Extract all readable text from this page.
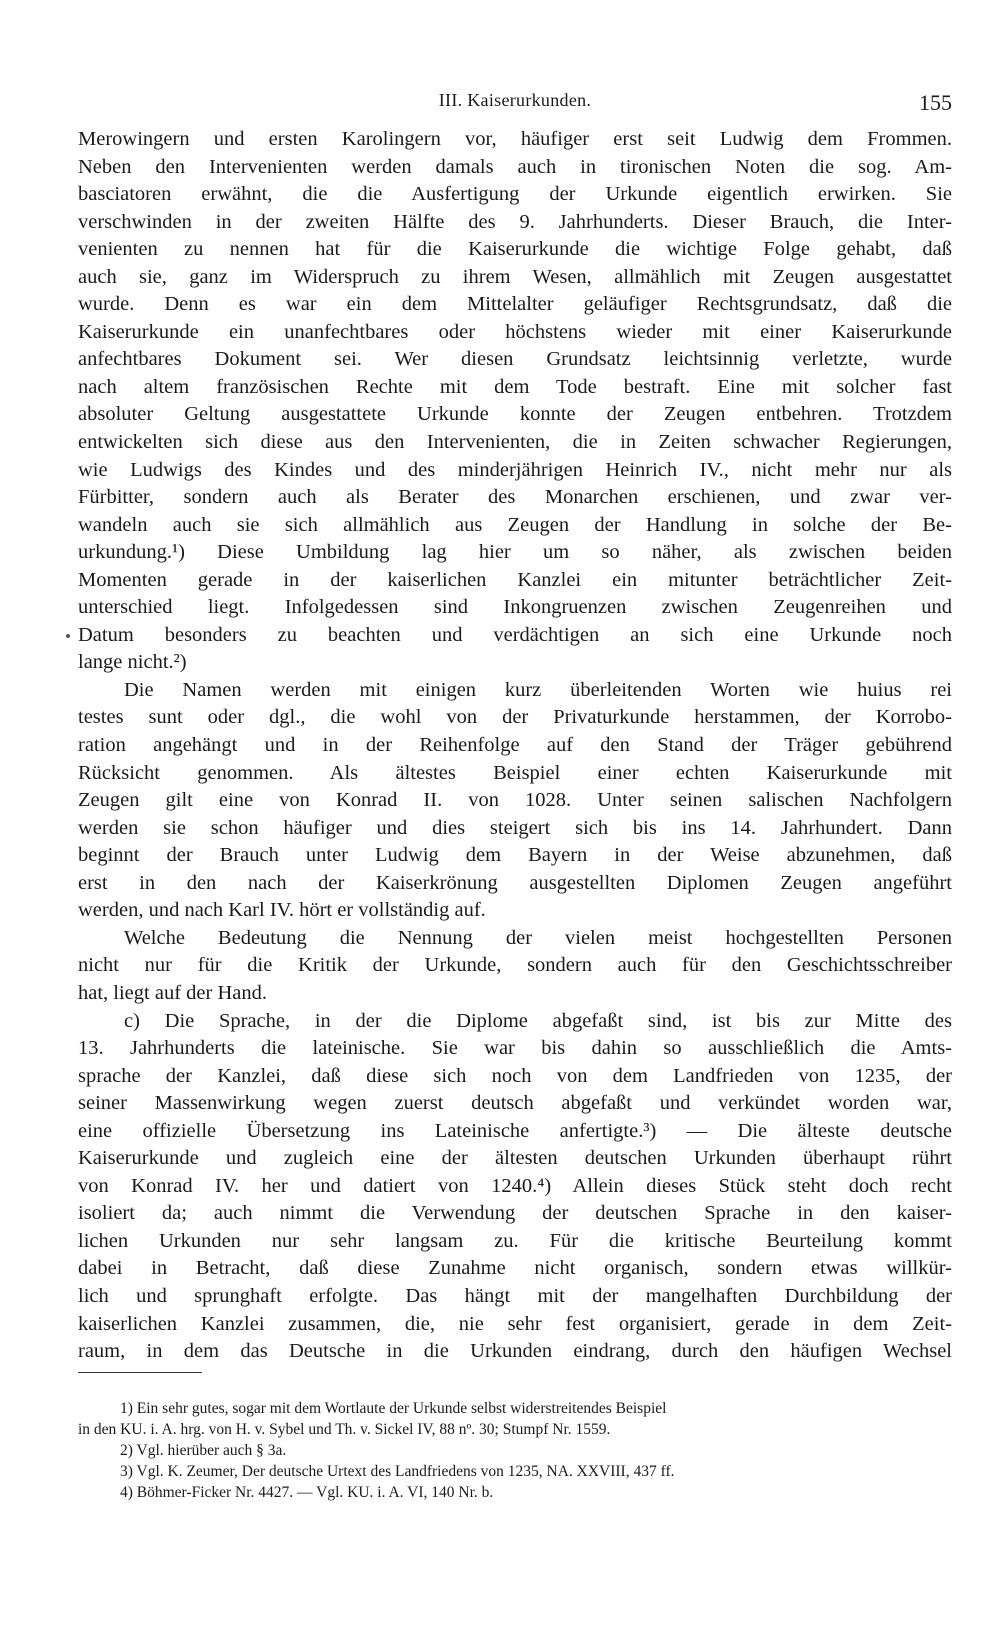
III. Kaiserurkunden.	155
Merowingern und ersten Karolingern vor, häufiger erst seit Ludwig dem Frommen.
Neben den Intervenienten werden damals auch in tironischen Noten die sog. Am-
basciatoren erwähnt, die die Ausfertigung der Urkunde eigentlich erwirken. Sie
verschwinden in der zweiten Hälfte des 9. Jahrhunderts. Dieser Brauch, die Inter-
venienten zu nennen hat für die Kaiserurkunde die wichtige Folge gehabt, daß
auch sie, ganz im Widerspruch zu ihrem Wesen, allmählich mit Zeugen ausgestattet
wurde. Denn es war ein dem Mittelalter geläufiger Rechtsgrundsatz, daß die
Kaiserurkunde ein unanfechtbares oder höchstens wieder mit einer Kaiserurkunde
anfechtbares Dokument sei. Wer diesen Grundsatz leichtsinnig verletzte, wurde
nach altem französischen Rechte mit dem Tode bestraft. Eine mit solcher fast
absoluter Geltung ausgestattete Urkunde konnte der Zeugen entbehren. Trotzdem
entwickelten sich diese aus den Intervenienten, die in Zeiten schwacher Regierungen,
wie Ludwigs des Kindes und des minderjährigen Heinrich IV., nicht mehr nur als
Fürbitter, sondern auch als Berater des Monarchen erschienen, und zwar ver-
wandeln auch sie sich allmählich aus Zeugen der Handlung in solche der Be-
urkundung.¹) Diese Umbildung lag hier um so näher, als zwischen beiden
Momenten gerade in der kaiserlichen Kanzlei ein mitunter beträchtlicher Zeit-
unterschied liegt. Infolgedessen sind Inkongruenzen zwischen Zeugenreihen und
Datum besonders zu beachten und verdächtigen an sich eine Urkunde noch
lange nicht.²)
Die Namen werden mit einigen kurz überleitenden Worten wie huius rei
testes sunt oder dgl., die wohl von der Privaturkunde herstammen, der Korrobo-
ration angehängt und in der Reihenfolge auf den Stand der Träger gebührend
Rücksicht genommen. Als ältestes Beispiel einer echten Kaiserurkunde mit
Zeugen gilt eine von Konrad II. von 1028. Unter seinen salischen Nachfolgern
werden sie schon häufiger und dies steigert sich bis ins 14. Jahrhundert. Dann
beginnt der Brauch unter Ludwig dem Bayern in der Weise abzunehmen, daß
erst in den nach der Kaiserkrönung ausgestellten Diplomen Zeugen angeführt
werden, und nach Karl IV. hört er vollständig auf.
Welche Bedeutung die Nennung der vielen meist hochgestellten Personen
nicht nur für die Kritik der Urkunde, sondern auch für den Geschichtsschreiber
hat, liegt auf der Hand.
c) Die Sprache, in der die Diplome abgefaßt sind, ist bis zur Mitte des
13. Jahrhunderts die lateinische. Sie war bis dahin so ausschließlich die Amts-
sprache der Kanzlei, daß diese sich noch von dem Landfrieden von 1235, der
seiner Massenwirkung wegen zuerst deutsch abgefaßt und verkündet worden war,
eine offizielle Übersetzung ins Lateinische anfertigte.³) — Die älteste deutsche
Kaiserurkunde und zugleich eine der ältesten deutschen Urkunden überhaupt rührt
von Konrad IV. her und datiert von 1240.⁴) Allein dieses Stück steht doch recht
isoliert da; auch nimmt die Verwendung der deutschen Sprache in den kaiser-
lichen Urkunden nur sehr langsam zu. Für die kritische Beurteilung kommt
dabei in Betracht, daß diese Zunahme nicht organisch, sondern etwas willkür-
lich und sprunghaft erfolgte. Das hängt mit der mangelhaften Durchbildung der
kaiserlichen Kanzlei zusammen, die, nie sehr fest organisiert, gerade in dem Zeit-
raum, in dem das Deutsche in die Urkunden eindrang, durch den häufigen Wechsel
1) Ein sehr gutes, sogar mit dem Wortlaute der Urkunde selbst widerstreitendes Beispiel
in den KU. i. A. hrg. von H. v. Sybel und Th. v. Sickel IV, 88 nº. 30; Stumpf Nr. 1559.
2) Vgl. hierüber auch § 3a.
3) Vgl. K. Zeumer, Der deutsche Urtext des Landfriedens von 1235, NA. XXVIII, 437 ff.
4) Böhmer-Ficker Nr. 4427. — Vgl. KU. i. A. VI, 140 Nr. b.
